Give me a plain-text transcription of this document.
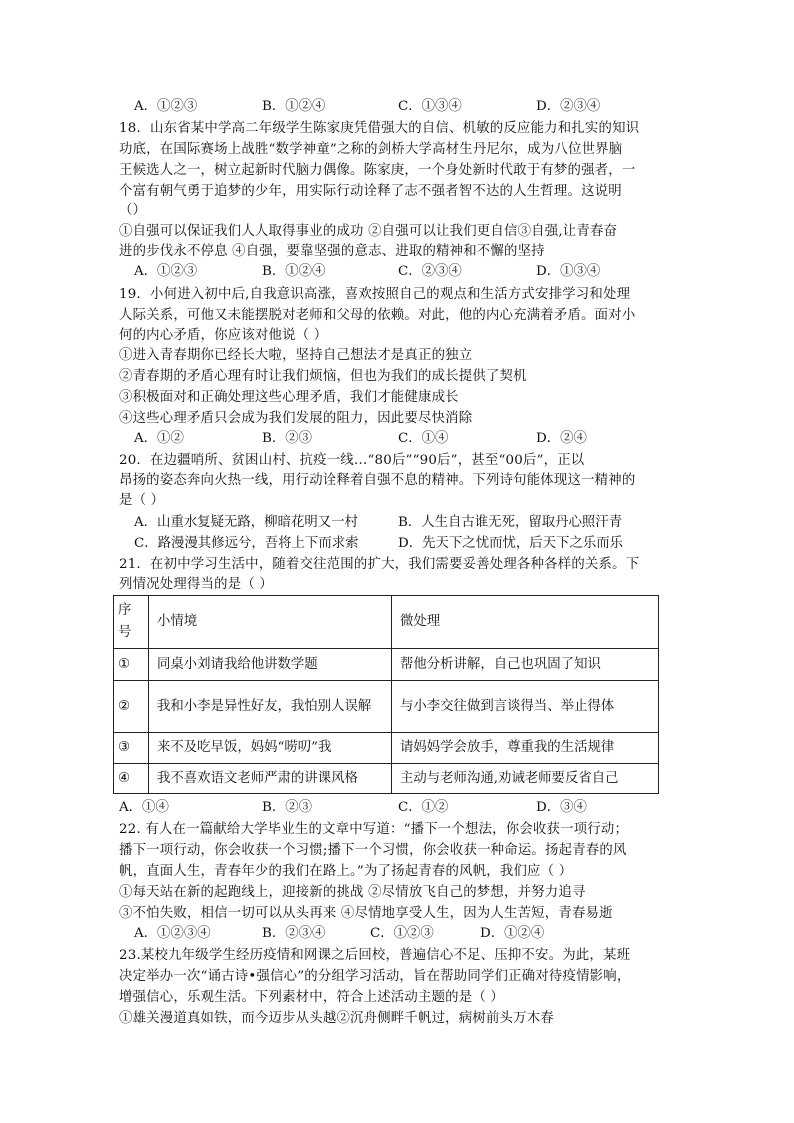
A．①②③	B．①②④	C．①③④	D．②③④
18．山东省某中学高二年级学生陈家庚凭借强大的自信、机敏的反应能力和扎实的知识
功底，在国际赛场上战胜“数学神童”之称的剑桥大学高材生丹尼尔，成为八位世界脑
王候选人之一，树立起新时代脑力偶像。陈家庚，一个身处新时代敢于有梦的强者，一
个富有朝气勇于追梦的少年，用实际行动诠释了志不强者智不达的人生哲理。这说明
（）
①自强可以保证我们人人取得事业的成功 ②自强可以让我们更自信③自强,让青春奋
进的步伐永不停息 ④自强，要靠坚强的意志、进取的精神和不懈的坚持
A．①②③	B．①②④	C．②③④	D．①③④
19．小何进入初中后,自我意识高涨，喜欢按照自己的观点和生活方式安排学习和处理
人际关系，可他又未能摆脱对老师和父母的依赖。对此，他的内心充满着矛盾。面对小
何的内心矛盾，你应该对他说（ ）
①进入青春期你已经长大啦，坚持自己想法才是真正的独立
②青春期的矛盾心理有时让我们烦恼，但也为我们的成长提供了契机
③积极面对和正确处理这些心理矛盾，我们才能健康成长
④这些心理矛盾只会成为我们发展的阻力，因此要尽快消除
A．①②	B．②③	C．①④	D．②④
20．在边疆哨所、贫困山村、抗疫一线…“80后”“90后”，甚至“00后”，正以
昂扬的姿态奔向火热一线，用行动诠释着自强不息的精神。下列诗句能体现这一精神的
是（ ）
A．山重水复疑无路，柳暗花明又一村	B．人生自古谁无死，留取丹心照汗青
C．路漫漫其修远兮，吾将上下而求索	D．先天下之忧而忧，后天下之乐而乐
21．在初中学习生活中，随着交往范围的扩大，我们需要妥善处理各种各样的关系。下
列情况处理得当的是（ ）
序号	小情境	微处理
①	同桌小刘请我给他讲数学题	帮他分析讲解，自己也巩固了知识
②	我和小李是异性好友，我怕别人误解	与小李交往做到言谈得当、举止得体
③	来不及吃早饭，妈妈“唠叨”我	请妈妈学会放手，尊重我的生活规律
④	我不喜欢语文老师严肃的讲课风格	主动与老师沟通,劝诫老师要反省自己
A．①④	B．②③	C．①②	D．③④
22. 有人在一篇献给大学毕业生的文章中写道：“播下一个想法，你会收获一项行动；
播下一项行动，你会收获一个习惯;播下一个习惯，你会收获一种命运。扬起青春的风
帆，直面人生，青春年少的我们在路上。”为了扬起青春的风帆，我们应（ ）
①每天站在新的起跑线上，迎接新的挑战 ②尽情放飞自己的梦想，并努力追寻
③不怕失败，相信一切可以从头再来 ④尽情地享受人生，因为人生苦短，青春易逝
A．①②③④	B．②③④	C．①②③	D．①②④
23.某校九年级学生经历疫情和网课之后回校，普遍信心不足、压抑不安。为此，某班
决定举办一次“诵古诗•强信心”的分组学习活动，旨在帮助同学们正确对待疫情影响，
增强信心，乐观生活。下列素材中，符合上述活动主题的是（ ）
①雄关漫道真如铁，而今迈步从头越②沉舟侧畔千帆过，病树前头万木春
